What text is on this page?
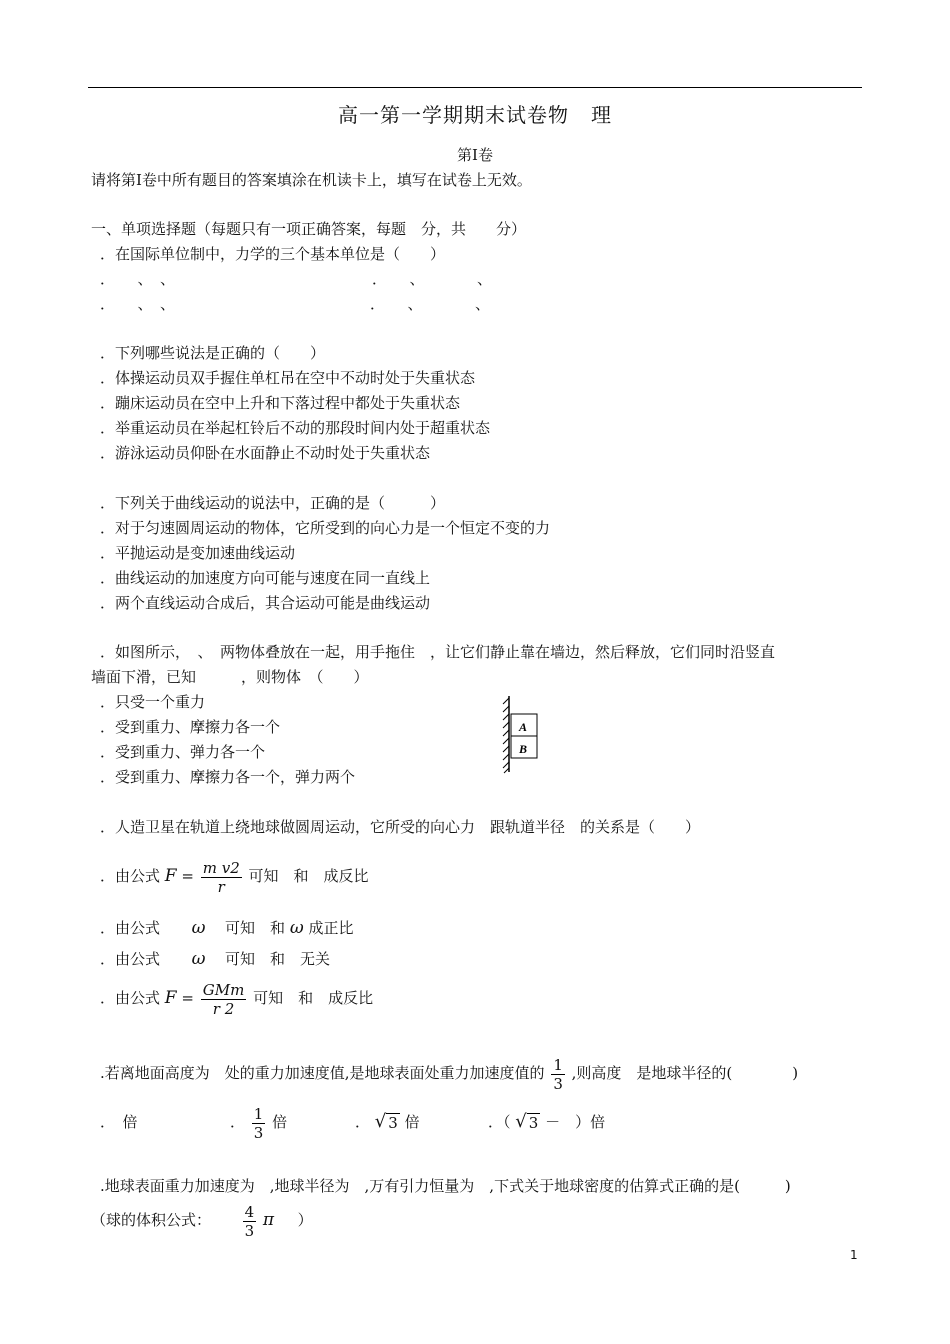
高一第一学期期末试卷物 理
第Ⅰ卷
请将第Ⅰ卷中所有题目的答案填涂在机读卡上，填写在试卷上无效。
一、单项选择题（每题只有一项正确答案，每题　分，共　　分）
．在国际单位制中，力学的三个基本单位是（　　）
．　　、　、	．　　、　　　　、
．　　、　、	．　　、　　　　、
．下列哪些说法是正确的（　　）
．体操运动员双手握住单杠吊在空中不动时处于失重状态
．蹦床运动员在空中上升和下落过程中都处于失重状态
．举重运动员在举起杠铃后不动的那段时间内处于超重状态
．游泳运动员仰卧在水面静止不动时处于失重状态
．下列关于曲线运动的说法中，正确的是（　　　）
．对于匀速圆周运动的物体，它所受到的向心力是一个恒定不变的力
．平抛运动是变加速曲线运动
．曲线运动的加速度方向可能与速度在同一直线上
．两个直线运动合成后，其合运动可能是曲线运动
．如图所示，　、　两物体叠放在一起，用手拖住　，让它们静止靠在墙边，然后释放，它们同时沿竖直
墙面下滑，已知　　　，则物体　（　　）
．只受一个重力
．受到重力、摩擦力各一个
．受到重力、弹力各一个
．受到重力、摩擦力各一个，弹力两个
A
B
．人造卫星在轨道上绕地球做圆周运动，它所受的向心力　跟轨道半径　的关系是（　　）
．由公式 $F = \frac{\text{m v2}}{r}$ 可知　和　成反比
．由公式 ω 可知　和 ω 成正比
．由公式 ω 可知　和　无关
．由公式 $F = \frac{\text{GMm}}{r 2}$ 可知　和　成反比
.若离地面高度为　处的重力加速度值,是地球表面处重力加速度值的 $\frac{1}{3}$ ,则高度　是地球半径的(　　　　)
．　倍	． $\frac{1}{3}$ 倍	． √ 3 倍	．（ √ 3 －　）倍
.地球表面重力加速度为　,地球半径为　,万有引力恒量为　,下式关于地球密度的估算式正确的是(　　　)
（球的体积公式： $\frac{4}{3}$ π ）
1
